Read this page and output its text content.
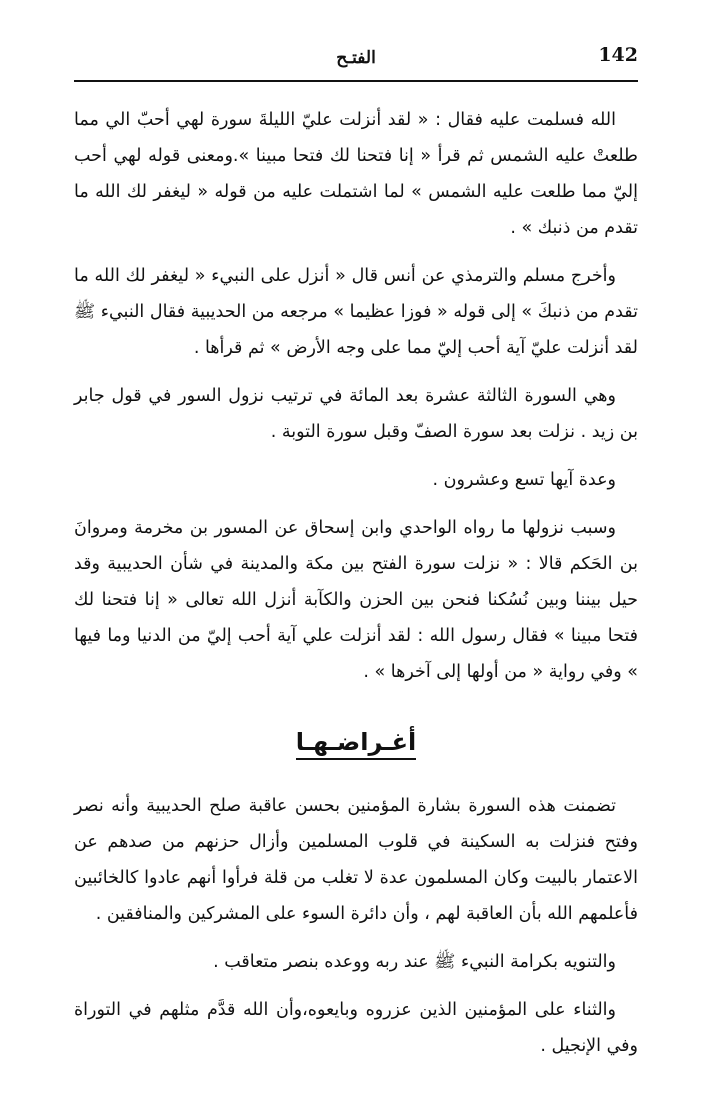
142
الفتـح

الله فسلمت عليه فقال : « لقد أنزلت عليّ الليلةَ سورة لهي أحبّ الي مما طلعتْ عليه الشمس ثم قرأ « إنا فتحنا لك فتحا مبينا ».ومعنى قوله لهي أحب إليّ مما طلعت عليه الشمس » لما اشتملت عليه من قوله « ليغفر لك الله ما تقدم من ذنبك » .

وأخرج مسلم والترمذي عن أنس قال « أنزل على النبيء « ليغفر لك الله ما تقدم من ذنبكَ » إلى قوله « فوزا عظيما » مرجعه من الحديبية فقال النبيء ﷺ لقد أنزلت عليّ آية أحب إليّ مما على وجه الأرض » ثم قرأها .

وهي السورة الثالثة عشرة بعد المائة في ترتيب نزول السور في قول جابر بن زيد . نزلت بعد سورة الصفّ وقبل سورة التوبة .

وعدة آيها تسع وعشرون .

وسبب نزولها ما رواه الواحدي وابن إسحاق عن المسور بن مخرمة ومروانَ بن الحَكم قالا : « نزلت سورة الفتح بين مكة والمدينة في شأن الحديبية وقد حيل بيننا وبين نُسُكنا فنحن بين الحزن والكآبة أنزل الله تعالى « إنا فتحنا لك فتحا مبينا » فقال رسول الله : لقد أنزلت علي آية أحب إليّ من الدنيا وما فيها » وفي رواية « من أولها إلى آخرها » .

أغـراضـهـا

تضمنت هذه السورة بشارة المؤمنين بحسن عاقبة صلح الحديبية وأنه نصر وفتح فنزلت به السكينة في قلوب المسلمين وأزال حزنهم من صدهم عن الاعتمار بالبيت وكان المسلمون عدة لا تغلب من قلة فرأوا أنهم عادوا كالخائبين فأعلمهم الله بأن العاقبة لهم ، وأن دائرة السوء على المشركين والمنافقين .

والتنويه بكرامة النبيء ﷺ عند ربه ووعده بنصر متعاقب .

والثناء على المؤمنين الذين عزروه وبايعوه،وأن الله قدَّم مثلهم في التوراة وفي الإنجيل .
